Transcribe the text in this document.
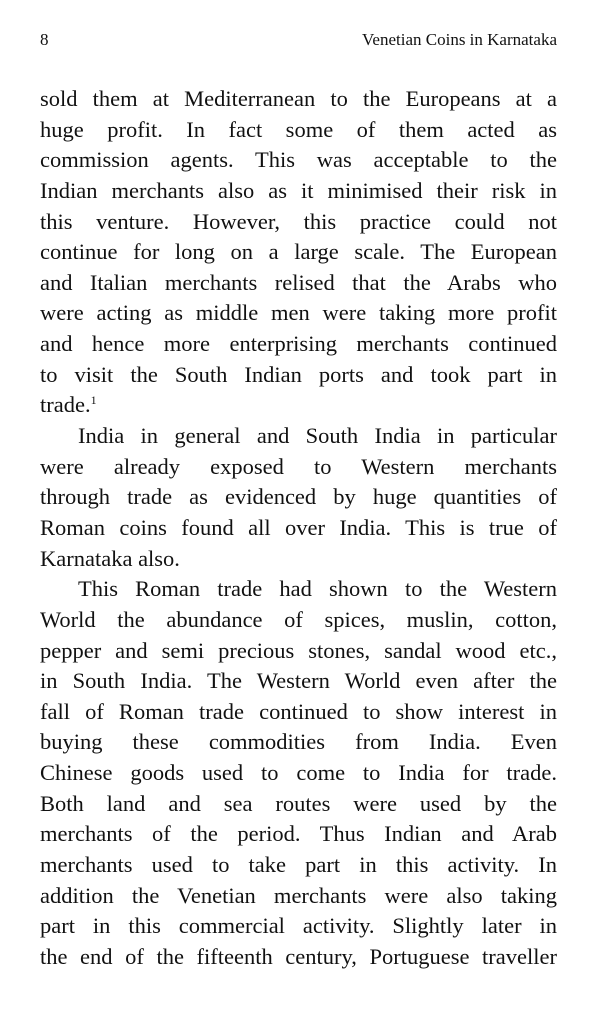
8	Venetian Coins in Karnataka
sold them at Mediterranean to the Europeans at a
huge profit. In fact some of them acted as
commission agents. This was acceptable to the
Indian merchants also as it minimised their risk in
this venture. However, this practice could not
continue for long on a large scale. The European
and Italian merchants relised that the Arabs who
were acting as middle men were taking more profit
and hence more enterprising merchants continued
to visit the South Indian ports and took part in
trade.$^1$
India in general and South India in particular
were already exposed to Western merchants
through trade as evidenced by huge quantities of
Roman coins found all over India. This is true of
Karnataka also.
This Roman trade had shown to the Western
World the abundance of spices, muslin, cotton,
pepper and semi precious stones, sandal wood etc.,
in South India. The Western World even after the
fall of Roman trade continued to show interest in
buying these commodities from India. Even
Chinese goods used to come to India for trade.
Both land and sea routes were used by the
merchants of the period. Thus Indian and Arab
merchants used to take part in this activity. In
addition the Venetian merchants were also taking
part in this commercial activity. Slightly later in
the end of the fifteenth century, Portuguese traveller
